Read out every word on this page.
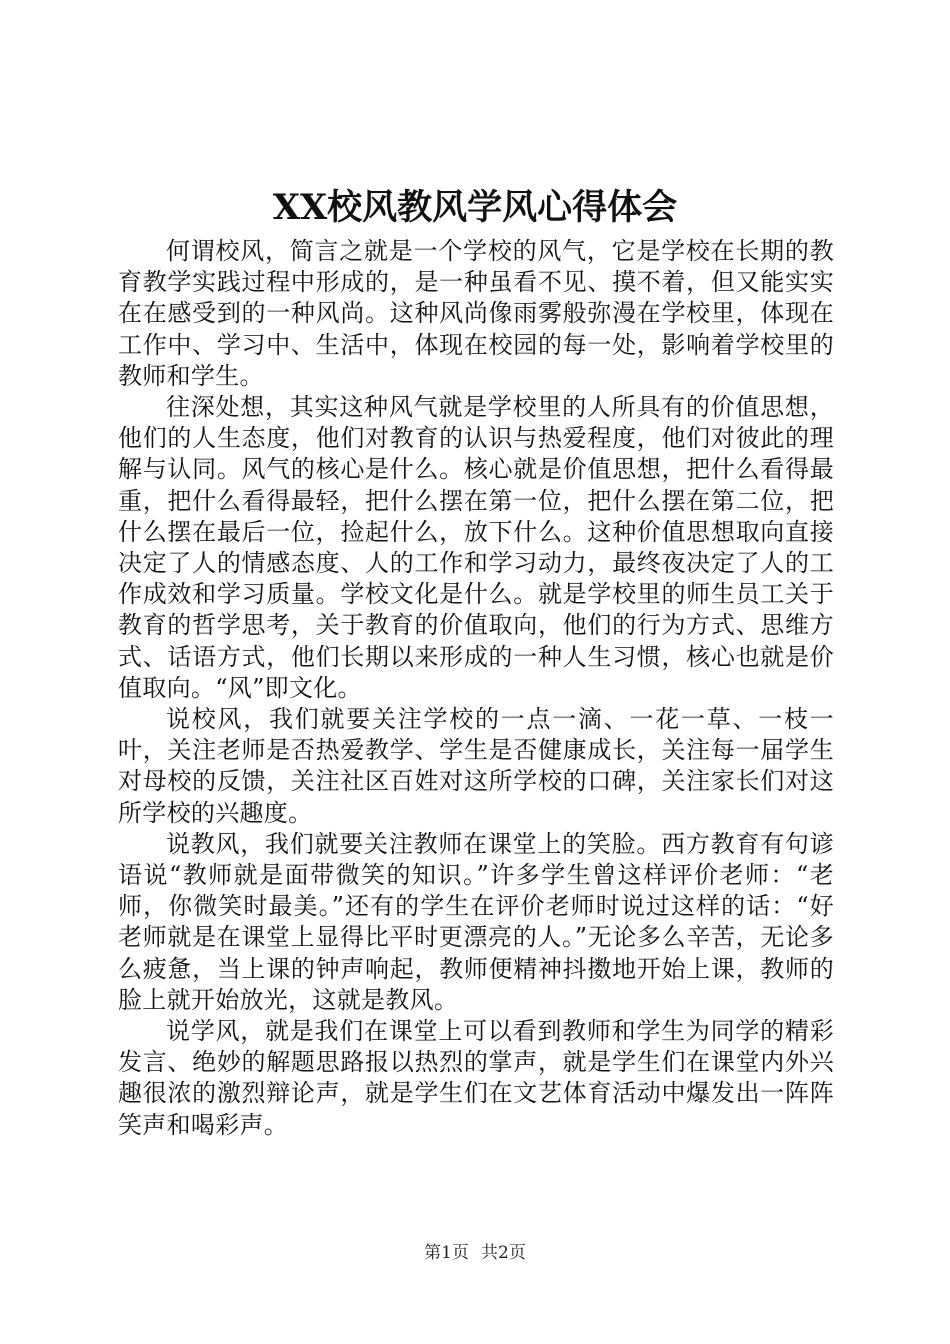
XX校风教风学风心得体会

何谓校风，简言之就是一个学校的风气，它是学校在长期的教育教学实践过程中形成的，是一种虽看不见、摸不着，但又能实实在在感受到的一种风尚。这种风尚像雨雾般弥漫在学校里，体现在工作中、学习中、生活中，体现在校园的每一处，影响着学校里的教师和学生。

往深处想，其实这种风气就是学校里的人所具有的价值思想，他们的人生态度，他们对教育的认识与热爱程度，他们对彼此的理解与认同。风气的核心是什么。核心就是价值思想，把什么看得最重，把什么看得最轻，把什么摆在第一位，把什么摆在第二位，把什么摆在最后一位，捡起什么，放下什么。这种价值思想取向直接决定了人的情感态度、人的工作和学习动力，最终夜决定了人的工作成效和学习质量。学校文化是什么。就是学校里的师生员工关于教育的哲学思考，关于教育的价值取向，他们的行为方式、思维方式、话语方式，他们长期以来形成的一种人生习惯，核心也就是价值取向。“风”即文化。

说校风，我们就要关注学校的一点一滴、一花一草、一枝一叶，关注老师是否热爱教学、学生是否健康成长，关注每一届学生对母校的反馈，关注社区百姓对这所学校的口碑，关注家长们对这所学校的兴趣度。

说教风，我们就要关注教师在课堂上的笑脸。西方教育有句谚语说“教师就是面带微笑的知识。”许多学生曾这样评价老师：“老师，你微笑时最美。”还有的学生在评价老师时说过这样的话：“好老师就是在课堂上显得比平时更漂亮的人。”无论多么辛苦，无论多么疲惫，当上课的钟声响起，教师便精神抖擞地开始上课，教师的脸上就开始放光，这就是教风。

说学风，就是我们在课堂上可以看到教师和学生为同学的精彩发言、绝妙的解题思路报以热烈的掌声，就是学生们在课堂内外兴趣很浓的激烈辩论声，就是学生们在文艺体育活动中爆发出一阵阵笑声和喝彩声。

第1页 共2页
